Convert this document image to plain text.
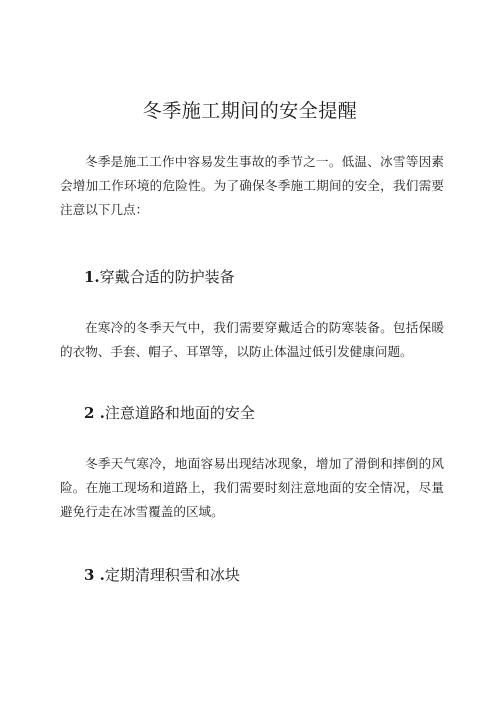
冬季施工期间的安全提醒

冬季是施工工作中容易发生事故的季节之一。低温、冰雪等因素会增加工作环境的危险性。为了确保冬季施工期间的安全，我们需要注意以下几点：

1.穿戴合适的防护装备

在寒冷的冬季天气中，我们需要穿戴适合的防寒装备。包括保暖的衣物、手套、帽子、耳罩等，以防止体温过低引发健康问题。

2 .注意道路和地面的安全

冬季天气寒冷，地面容易出现结冰现象，增加了滑倒和摔倒的风险。在施工现场和道路上，我们需要时刻注意地面的安全情况，尽量避免行走在冰雪覆盖的区域。

3 .定期清理积雪和冰块
